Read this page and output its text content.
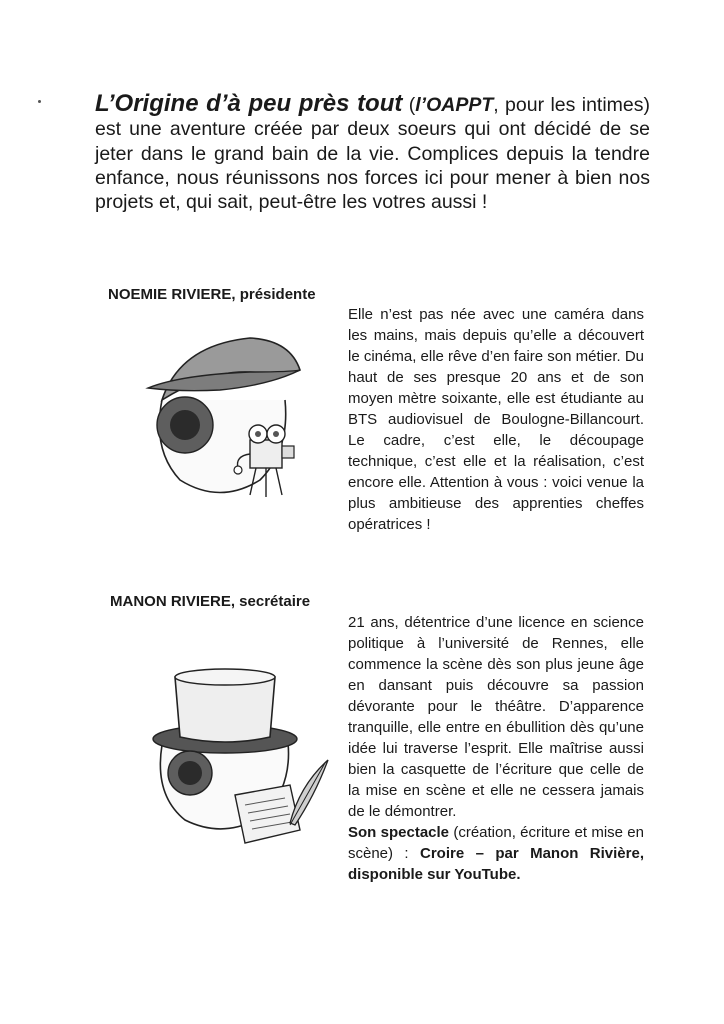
L’Origine d’à peu près tout (l’OAPPT, pour les intimes) est une aventure créée par deux soeurs qui ont décidé de se jeter dans le grand bain de la vie. Complices depuis la tendre enfance, nous réunissons nos forces ici pour mener à bien nos projets et, qui sait, peut-être les votres aussi !

NOEMIE RIVIERE, présidente

Elle n’est pas née avec une caméra dans les mains, mais depuis qu’elle a découvert le cinéma, elle rêve d’en faire son métier. Du haut de ses presque 20 ans et de son moyen mètre soixante, elle est étudiante au BTS audiovisuel de Boulogne-Billancourt. Le cadre, c’est elle, le découpage technique, c’est elle et la réalisation, c’est encore elle. Attention à vous : voici venue la plus ambitieuse des apprenties cheffes opératrices !

MANON RIVIERE, secrétaire

21 ans, détentrice d’une licence en science politique à l’université de Rennes, elle commence la scène dès son plus jeune âge en dansant puis découvre sa passion dévorante pour le théâtre. D’apparence tranquille, elle entre en ébullition dès qu’une idée lui traverse l’esprit. Elle maîtrise aussi bien la casquette de l’écriture que celle de la mise en scène et elle ne cessera jamais de le démontrer.

Son spectacle (création, écriture et mise en scène) : Croire – par Manon Rivière, disponible sur YouTube.
